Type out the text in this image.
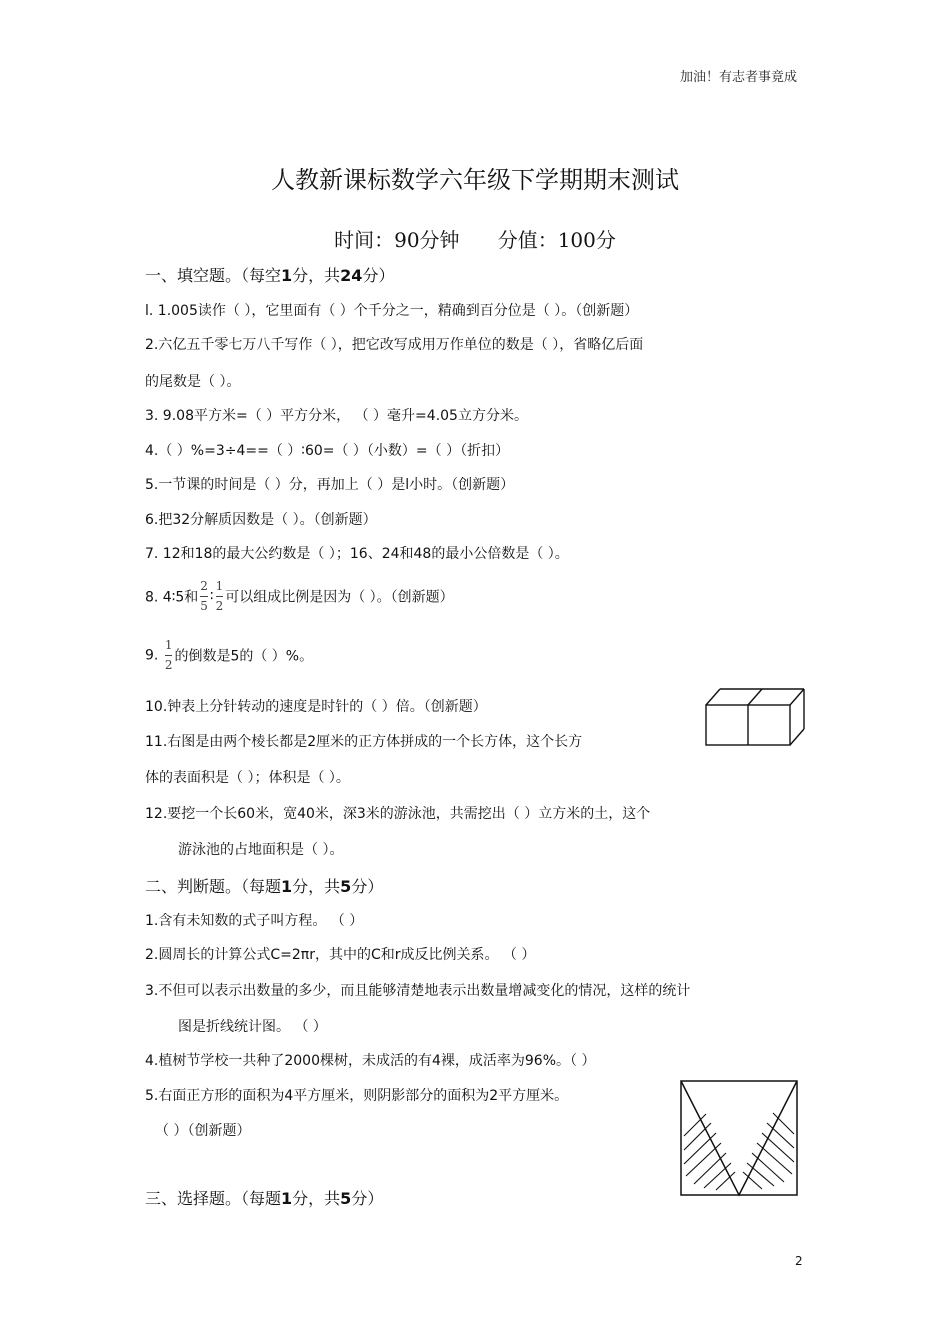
加油！有志者事竟成
人教新课标数学六年级下学期期末测试
时间：90分钟      分值：100分
一、填空题。（每空1分，共24分）
l. 1.005读作（ ），它里面有（ ）个千分之一，精确到百分位是（ ）。（创新题）
2.六亿五千零七万八千写作（ ），把它改写成用万作单位的数是（ ），省略亿后面
的尾数是（ ）。
3. 9.08平方米=（ ）平方分米， （ ）毫升=4.05立方分米。
4.（ ）%=3÷4==（ ）∶60=（ ）（小数）=（ ）（折扣）
5.一节课的时间是（ ）分，再加上（ ）是l小时。（创新题）
6.把32分解质因数是（ ）。（创新题）
7. 12和18的最大公约数是（ ）；16、24和48的最小公倍数是（ ）。
8. 4∶5和 $\frac{2}{5}$ ∶ $\frac{1}{2}$ 可以组成比例是因为（ ）。（创新题）
9. $\frac{1}{2}$ 的倒数是5的（ ）%。
10.钟表上分针转动的速度是时针的（ ）倍。（创新题）
11.右图是由两个棱长都是2厘米的正方体拼成的一个长方体，这个长方
体的表面积是（ ）；体积是（ ）。
12.要挖一个长60米，宽40米，深3米的游泳池，共需挖出（ ）立方米的土，这个
游泳池的占地面积是（ ）。
二、判断题。（每题1分，共5分）
1.含有未知数的式子叫方程。 （ ）
2.圆周长的计算公式C=2πr，其中的C和r成反比例关系。 （ ）
3.不但可以表示出数量的多少，而且能够清楚地表示出数量增减变化的情况，这样的统计
图是折线统计图。 （ ）
4.植树节学校一共种了2000棵树，未成活的有4裸，成活率为96%。（ ）
5.右面正方形的面积为4平方厘米，则阴影部分的面积为2平方厘米。
（ ）（创新题）
三、选择题。（每题1分，共5分）
2
